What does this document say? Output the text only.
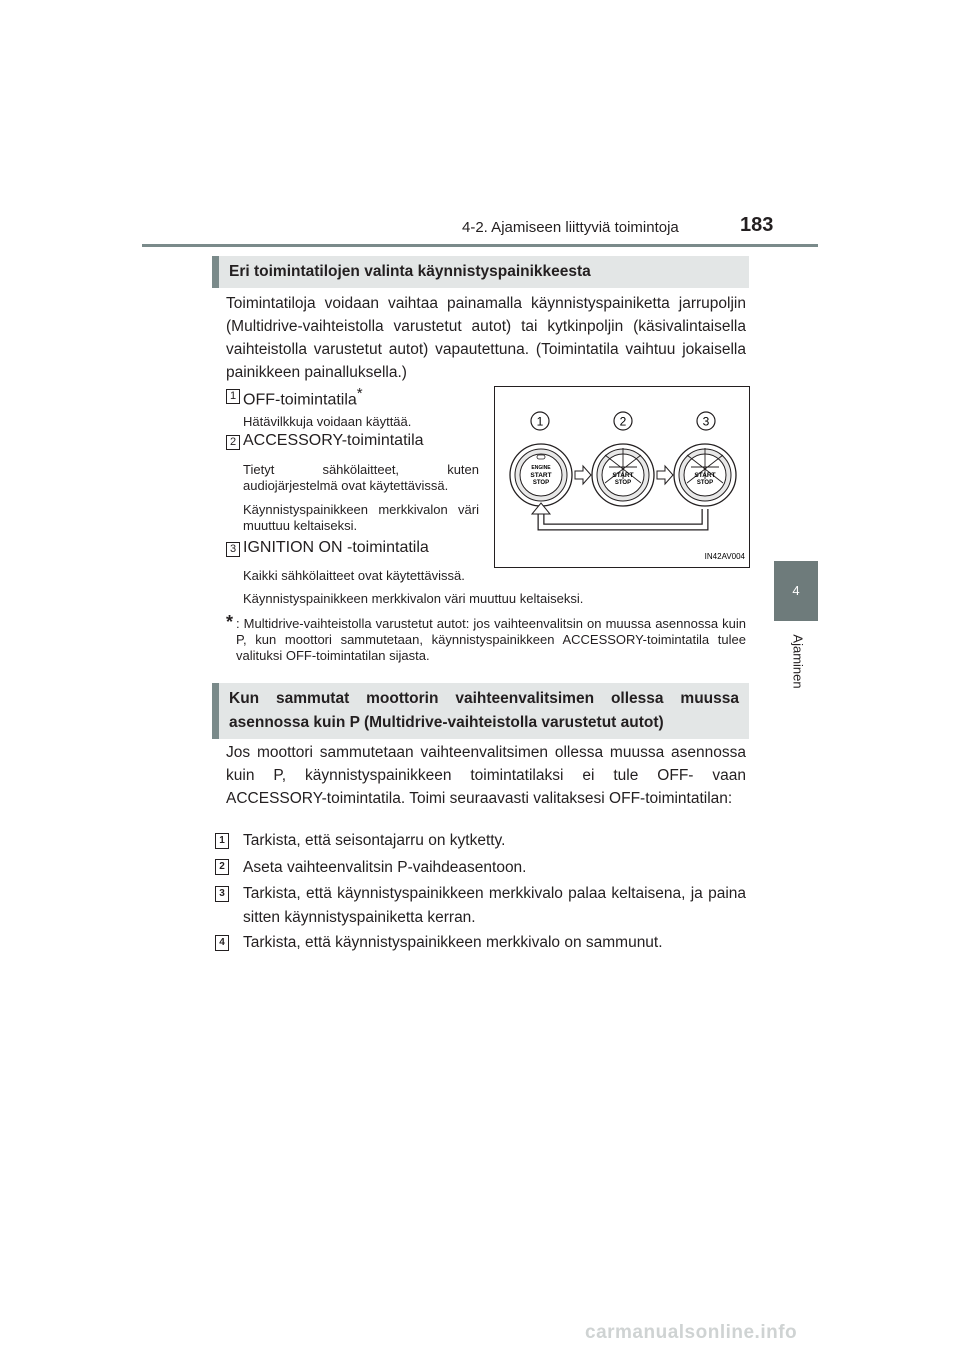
4-2. Ajamiseen liittyviä toimintoja	183
4
Ajaminen
Eri toimintatilojen valinta käynnistyspainikkeesta
Toimintatiloja voidaan vaihtaa painamalla käynnistyspainiketta jarrupoljin (Multidrive-vaihteistolla varustetut autot) tai kytkinpoljin (käsivalintaisella vaihteistolla varustetut autot) vapautettuna. (Toimintatila vaihtuu jokaisella painikkeen painalluksella.)
1 OFF-toimintatila*
Hätävilkkuja voidaan käyttää.
2 ACCESSORY-toimintatila
Tietyt sähkölaitteet, kuten audiojärjestelmä ovat käytettävissä.
Käynnistyspainikkeen merkkivalon väri muuttuu keltaiseksi.
3 IGNITION ON -toimintatila
Kaikki sähkölaitteet ovat käytettävissä.
Käynnistyspainikkeen merkkivalon väri muuttuu keltaiseksi.
* : Multidrive-vaihteistolla varustetut autot: jos vaihteenvalitsin on muussa asennossa kuin P, kun moottori sammutetaan, käynnistyspainikkeen ACCESSORY-toimintatila tulee valituksi OFF-toimintatilan sijasta.
1	2	3
ENGINE
START
STOP
START
STOP
START
STOP
IN42AV004
Kun sammutat moottorin vaihteenvalitsimen ollessa muussa
asennossa kuin P (Multidrive-vaihteistolla varustetut autot)
Jos moottori sammutetaan vaihteenvalitsimen ollessa muussa asennossa kuin P, käynnistyspainikkeen toimintatilaksi ei tule OFF- vaan ACCESSORY-toimintatila. Toimi seuraavasti valitaksesi OFF-toimintatilan:
1 Tarkista, että seisontajarru on kytketty.
2 Aseta vaihteenvalitsin P-vaihdeasentoon.
3 Tarkista, että käynnistyspainikkeen merkkivalo palaa keltaisena, ja paina sitten käynnistyspainiketta kerran.
4 Tarkista, että käynnistyspainikkeen merkkivalo on sammunut.
carmanualsonline.info
